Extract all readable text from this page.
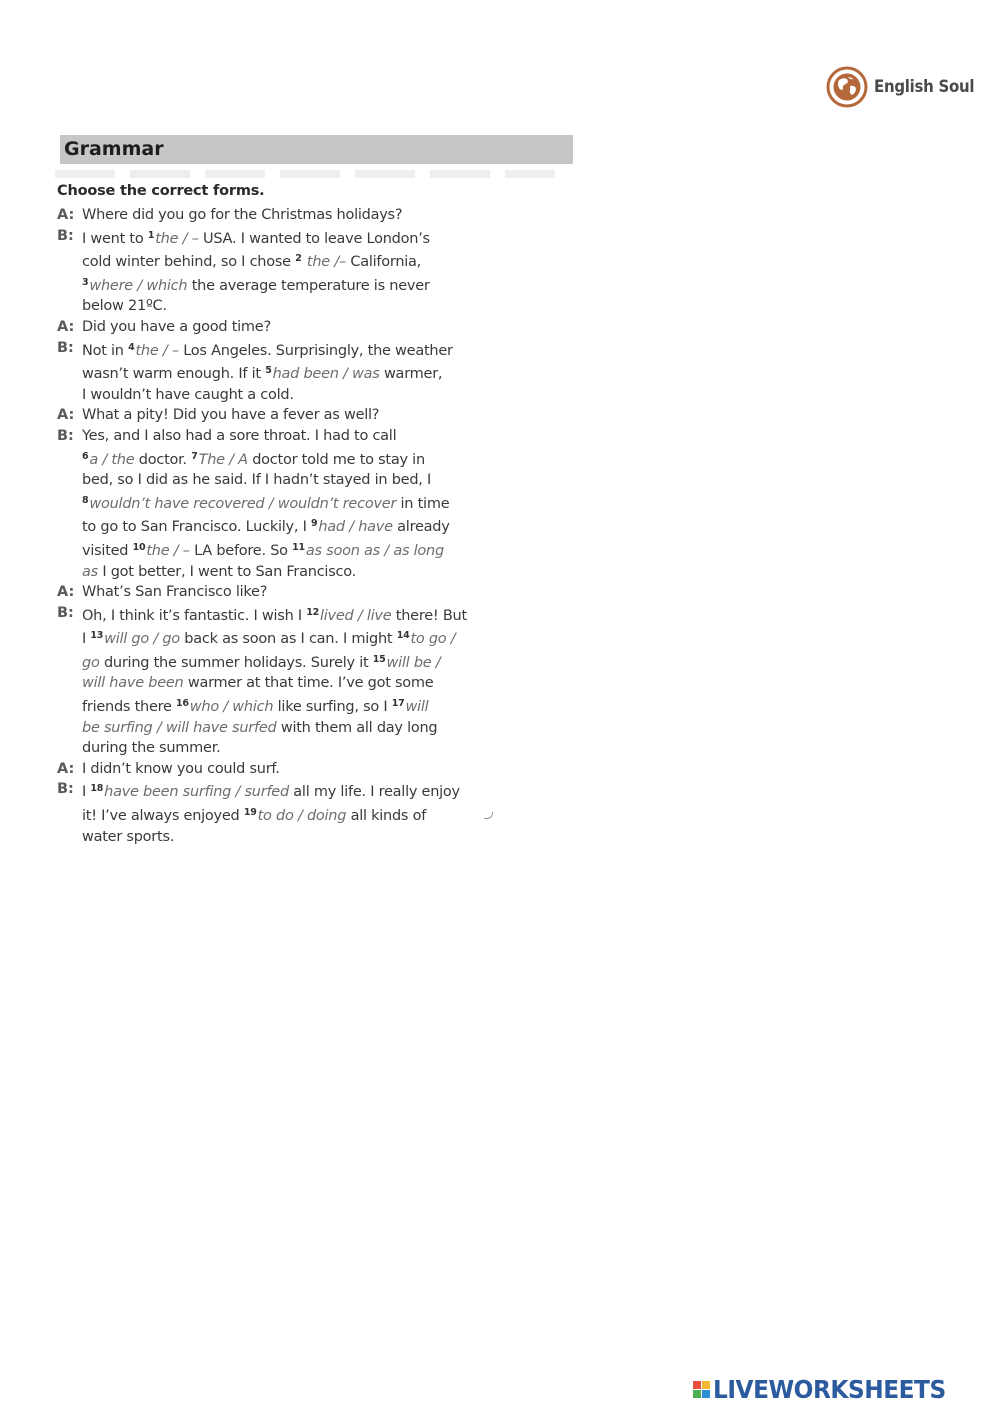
English Soul
Grammar
Choose the correct forms.
A: Where did you go for the Christmas holidays?
B: I went to $^1$the / – USA. I wanted to leave London’s
cold winter behind, so I chose $^2$ the /– California,
$^3$where / which the average temperature is never
below 21ºC.
A: Did you have a good time?
B: Not in $^4$the / – Los Angeles. Surprisingly, the weather
wasn’t warm enough. If it $^5$had been / was warmer,
I wouldn’t have caught a cold.
A: What a pity! Did you have a fever as well?
B: Yes, and I also had a sore throat. I had to call
$^6$a / the doctor. $^7$The / A doctor told me to stay in
bed, so I did as he said. If I hadn’t stayed in bed, I
$^8$wouldn’t have recovered / wouldn’t recover in time
to go to San Francisco. Luckily, I $^9$had / have already
visited $^{10}$the / – LA before. So $^{11}$as soon as / as long
as I got better, I went to San Francisco.
A: What’s San Francisco like?
B: Oh, I think it’s fantastic. I wish I $^{12}$lived / live there! But
I $^{13}$will go / go back as soon as I can. I might $^{14}$to go /
go during the summer holidays. Surely it $^{15}$will be /
will have been warmer at that time. I’ve got some
friends there $^{16}$who / which like surfing, so I $^{17}$will
be surfing / will have surfed with them all day long
during the summer.
A: I didn’t know you could surf.
B: I $^{18}$have been surfing / surfed all my life. I really enjoy
it! I’ve always enjoyed $^{19}$to do / doing all kinds of
water sports.
LIVEWORKSHEETS
